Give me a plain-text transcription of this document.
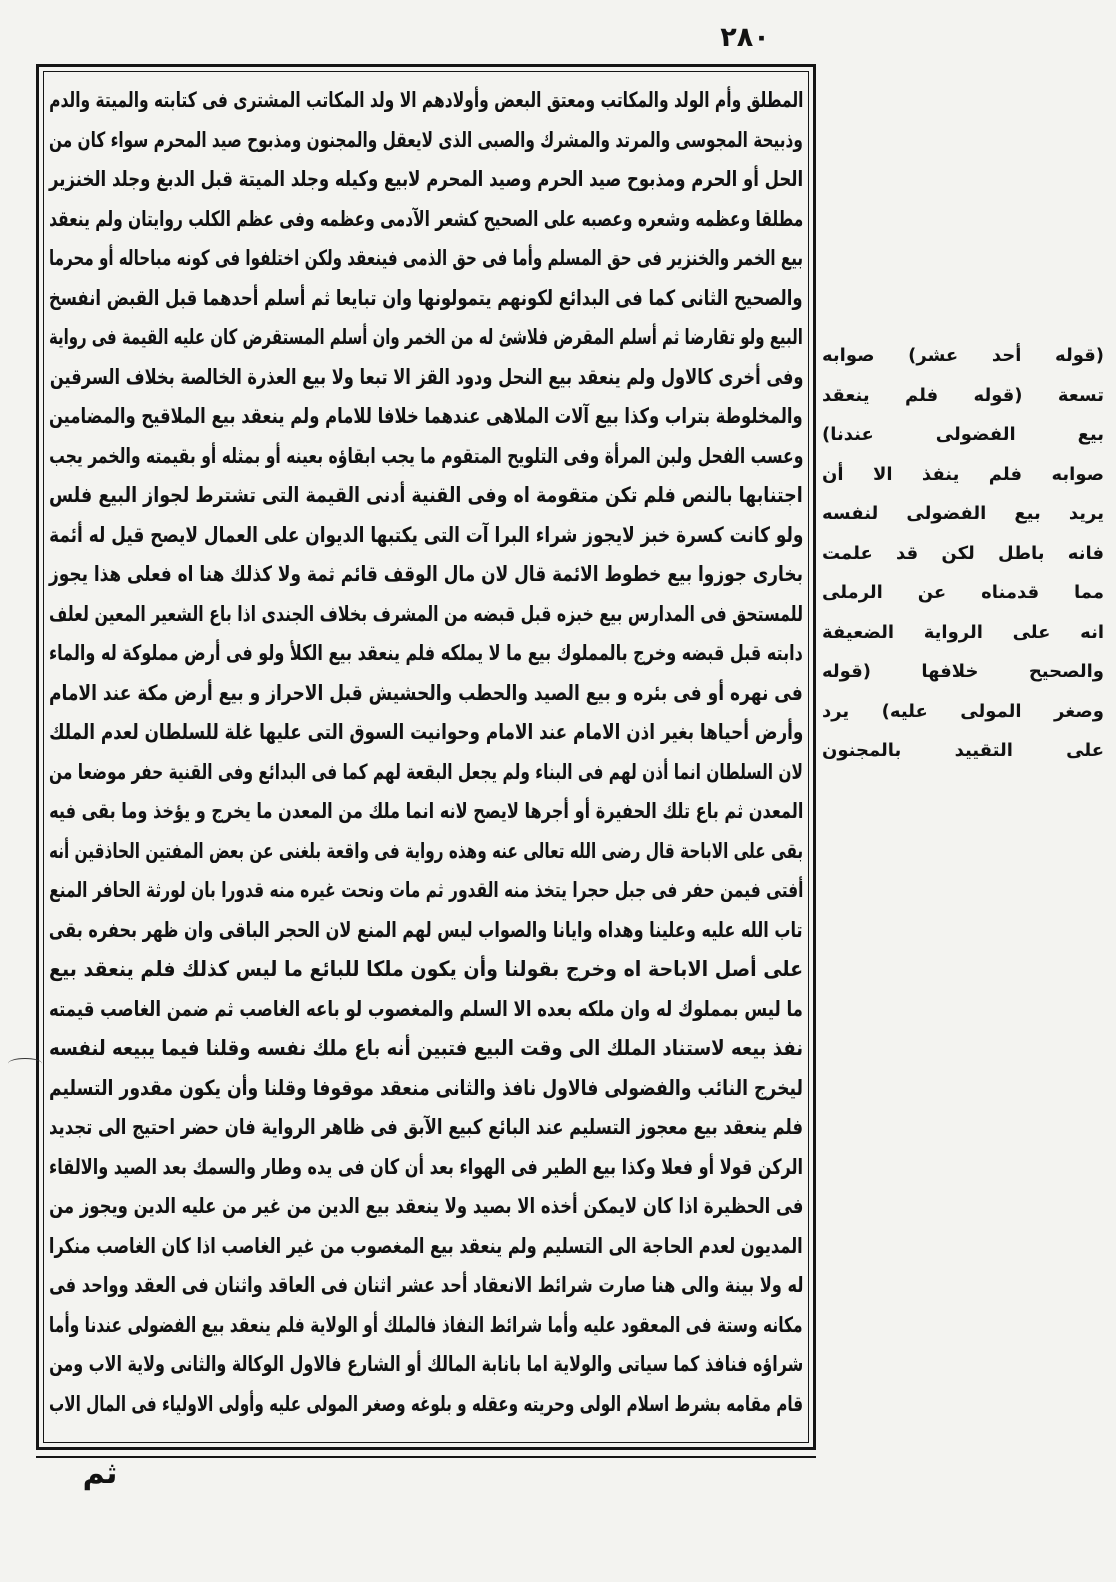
٢٨٠
المطلق وأم الولد والمكاتب ومعتق البعض وأولادهم الا ولد المكاتب المشترى فى كتابته والميتة والدم
وذبيحة المجوسى والمرتد والمشرك والصبى الذى لايعقل والمجنون ومذبوح صيد المحرم سواء كان من
الحل أو الحرم ومذبوح صيد الحرم وصيد المحرم لابيع وكيله وجلد الميتة قبل الدبغ وجلد الخنزير
مطلقا وعظمه وشعره وعصبه على الصحيح كشعر الآدمى وعظمه وفى عظم الكلب روايتان ولم ينعقد
بيع الخمر والخنزير فى حق المسلم وأما فى حق الذمى فينعقد ولكن اختلفوا فى كونه مباحاله أو محرما
والصحيح الثانى كما فى البدائع لكونهم يتمولونها وان تبايعا ثم أسلم أحدهما قبل القبض انفسخ
البيع ولو تقارضا ثم أسلم المقرض فلاشئ له من الخمر وان أسلم المستقرض كان عليه القيمة فى رواية
وفى أخرى كالاول ولم ينعقد بيع النحل ودود القز الا تبعا ولا بيع العذرة الخالصة بخلاف السرقين
والمخلوطة بتراب وكذا بيع آلات الملاهى عندهما خلافا للامام ولم ينعقد بيع الملاقيح والمضامين
وعسب الفحل ولبن المرأة وفى التلويح المتقوم ما يجب ابقاؤه بعينه أو بمثله أو بقيمته والخمر يجب
اجتنابها بالنص فلم تكن متقومة اه وفى القنية أدنى القيمة التى تشترط لجواز البيع فلس
ولو كانت كسرة خبز لايجوز شراء البرا آت التى يكتبها الديوان على العمال لايصح قيل له أئمة
بخارى جوزوا بيع خطوط الائمة قال لان مال الوقف قائم ثمة ولا كذلك هنا اه فعلى هذا يجوز
للمستحق فى المدارس بيع خبزه قبل قبضه من المشرف بخلاف الجندى اذا باع الشعير المعين لعلف
دابته قبل قبضه وخرج بالمملوك بيع ما لا يملكه فلم ينعقد بيع الكلأ ولو فى أرض مملوكة له والماء
فى نهره أو فى بئره و بيع الصيد والحطب والحشيش قبل الاحراز و بيع أرض مكة عند الامام
وأرض أحياها بغير اذن الامام عند الامام وحوانيت السوق التى عليها غلة للسلطان لعدم الملك
لان السلطان انما أذن لهم فى البناء ولم يجعل البقعة لهم كما فى البدائع وفى القنية حفر موضعا من
المعدن ثم باع تلك الحفيرة أو أجرها لايصح لانه انما ملك من المعدن ما يخرج و يؤخذ وما بقى فيه
بقى على الاباحة قال رضى الله تعالى عنه وهذه رواية فى واقعة بلغنى عن بعض المفتين الحاذقين أنه
أفتى فيمن حفر فى جبل حجرا يتخذ منه القدور ثم مات ونحت غيره منه قدورا بان لورثة الحافر المنع
تاب الله عليه وعلينا وهداه وايانا والصواب ليس لهم المنع لان الحجر الباقى وان ظهر بحفره بقى
على أصل الاباحة اه وخرج بقولنا وأن يكون ملكا للبائع ما ليس كذلك فلم ينعقد بيع
ما ليس بمملوك له وان ملكه بعده الا السلم والمغصوب لو باعه الغاصب ثم ضمن الغاصب قيمته
نفذ بيعه لاستناد الملك الى وقت البيع فتبين أنه باع ملك نفسه وقلنا فيما يبيعه لنفسه
ليخرج النائب والفضولى فالاول نافذ والثانى منعقد موقوفا وقلنا وأن يكون مقدور التسليم
فلم ينعقد بيع معجوز التسليم عند البائع كبيع الآبق فى ظاهر الرواية فان حضر احتيج الى تجديد
الركن قولا أو فعلا وكذا بيع الطير فى الهواء بعد أن كان فى يده وطار والسمك بعد الصيد والالقاء
فى الحظيرة اذا كان لايمكن أخذه الا بصيد ولا ينعقد بيع الدين من غير من عليه الدين ويجوز من
المديون لعدم الحاجة الى التسليم ولم ينعقد بيع المغصوب من غير الغاصب اذا كان الغاصب منكرا
له ولا بينة والى هنا صارت شرائط الانعقاد أحد عشر اثنان فى العاقد واثنان فى العقد وواحد فى
مكانه وستة فى المعقود عليه وأما شرائط النفاذ فالملك أو الولاية فلم ينعقد بيع الفضولى عندنا وأما
شراؤه فنافذ كما سياتى والولاية اما بانابة المالك أو الشارع فالاول الوكالة والثانى ولاية الاب ومن
قام مقامه بشرط اسلام الولى وحريته وعقله و بلوغه وصغر المولى عليه وأولى الاولياء فى المال الاب
(قوله أحد عشر) صوابه
تسعة (قوله فلم ينعقد
بيع الفضولى عندنا)
صوابه فلم ينفذ الا أن
يريد بيع الفضولى لنفسه
فانه باطل لكن قد علمت
مما قدمناه عن الرملى
انه على الرواية الضعيفة
والصحيح خلافها (قوله
وصغر المولى عليه) يرد
على التقييد بالمجنون
ثم
